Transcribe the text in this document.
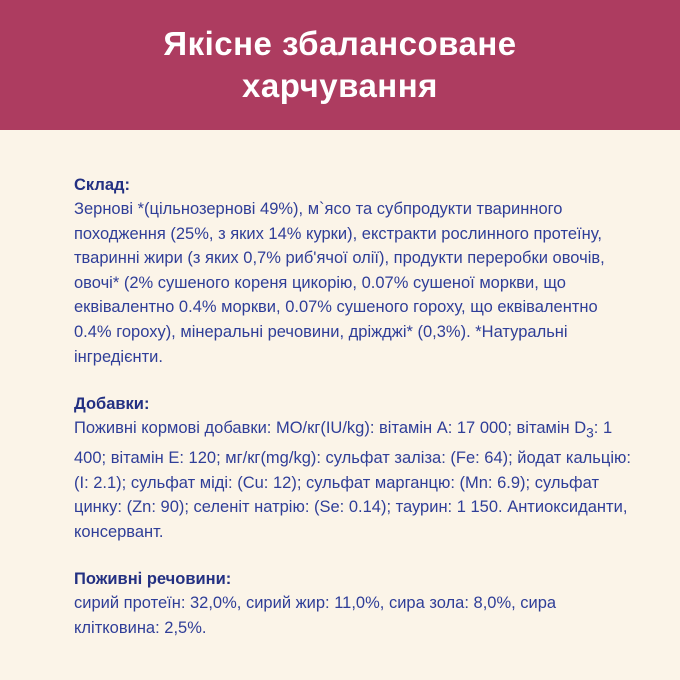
Якісне збалансоване
харчування
Склад:

Зернові *(цільнозернові 49%), м`ясо та субпродукти тваринного походження (25%, з яких 14% курки), екстракти рослинного протеїну, тваринні жири (з яких 0,7% риб'ячої олії), продукти переробки овочів, овочі* (2% сушеного кореня цикорію, 0.07% сушеної моркви, що еквівалентно 0.4% моркви, 0.07% сушеного гороху, що еквівалентно 0.4% гороху), мінеральні речовини, дріжджі* (0,3%). *Натуральні інгредієнти.

Добавки:

Поживні кормові добавки: МО/кг(IU/kg): вітамін А: 17 000; вітамін $D_3$: 1 400; вітамін Е: 120; мг/кг(mg/kg): сульфат заліза: (Fe: 64); йодат кальцію: (I: 2.1); сульфат міді: (Cu: 12); сульфат марганцю: (Mn: 6.9); сульфат цинку: (Zn: 90); селеніт натрію: (Se: 0.14); таурин: 1 150. Антиоксиданти, консервант.

Поживні речовини:

сирий протеїн: 32,0%, сирий жир: 11,0%, сира зола: 8,0%, сира клітковина: 2,5%.
